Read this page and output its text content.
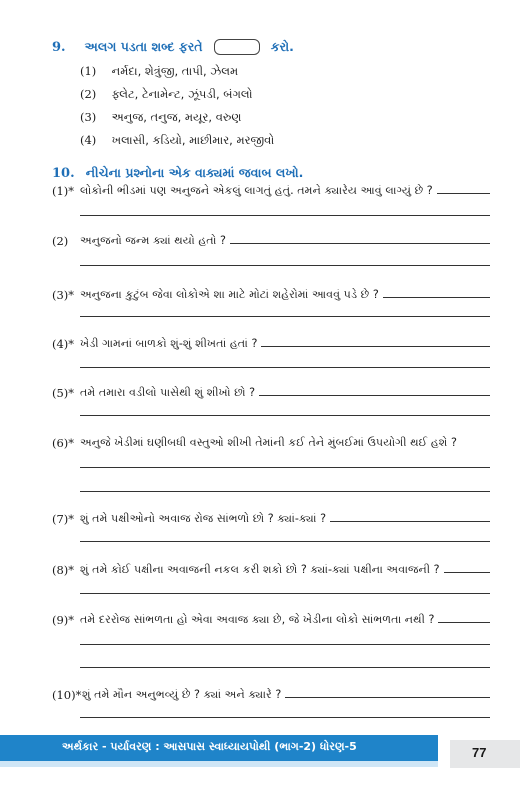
9. અલગ પડતા શબ્દ ફરતે	કરો.
(1) નર્મદા, શેત્રુંજી, તાપી, ઝેલમ
(2) ફ્લેટ, ટેનામેન્ટ, ઝૂંપડી, બંગલો
(3) અનુજ, તનુજ, મયૂર, વરુણ
(4) ખલાસી, કડિયો, માછીમાર, મરજીવો
10. નીચેના પ્રશ્નોના એક વાક્યમાં જવાબ લખો.
(1)* લોકોની ભીડમાં પણ અનુજને એકલું લાગતું હતું. તમને ક્યારેય આવું લાગ્યું છે ?
(2)	અનુજનો જન્મ ક્યાં થયો હતો ?
(3)* અનુજના કુટુંબ જેવા લોકોએ શા માટે મોટાં શહેરોમાં આવવું પડે છે ?
(4)* ખેડી ગામનાં બાળકો શું-શું શીખતાં હતાં ?
(5)* તમે તમારા વડીલો પાસેથી શું શીખો છો ?
(6)* અનુજે ખેડીમાં ઘણીબધી વસ્તુઓ શીખી તેમાંની કઈ તેને મુંબઈમાં ઉપયોગી થઈ હશે ?
(7)* શું તમે પક્ષીઓનો અવાજ રોજ સાંભળો છો ? ક્યાં-ક્યાં ?
(8)* શું તમે કોઈ પક્ષીના અવાજની નકલ કરી શકો છો ? ક્યાં-ક્યાં પક્ષીના અવાજની ?
(9)* તમે દરરોજ સાંભળતા હો એવા અવાજ ક્યા છે, જે ખેડીના લોકો સાંભળતા નથી ?
(10)* શું તમે મૌન અનુભવ્યું છે ? ક્યાં અને ક્યારે ?
અર્થકાર - પર્યાવરણ : આસપાસ સ્વાધ્યાયપોથી (ભાગ-2) ધોરણ-5	77
